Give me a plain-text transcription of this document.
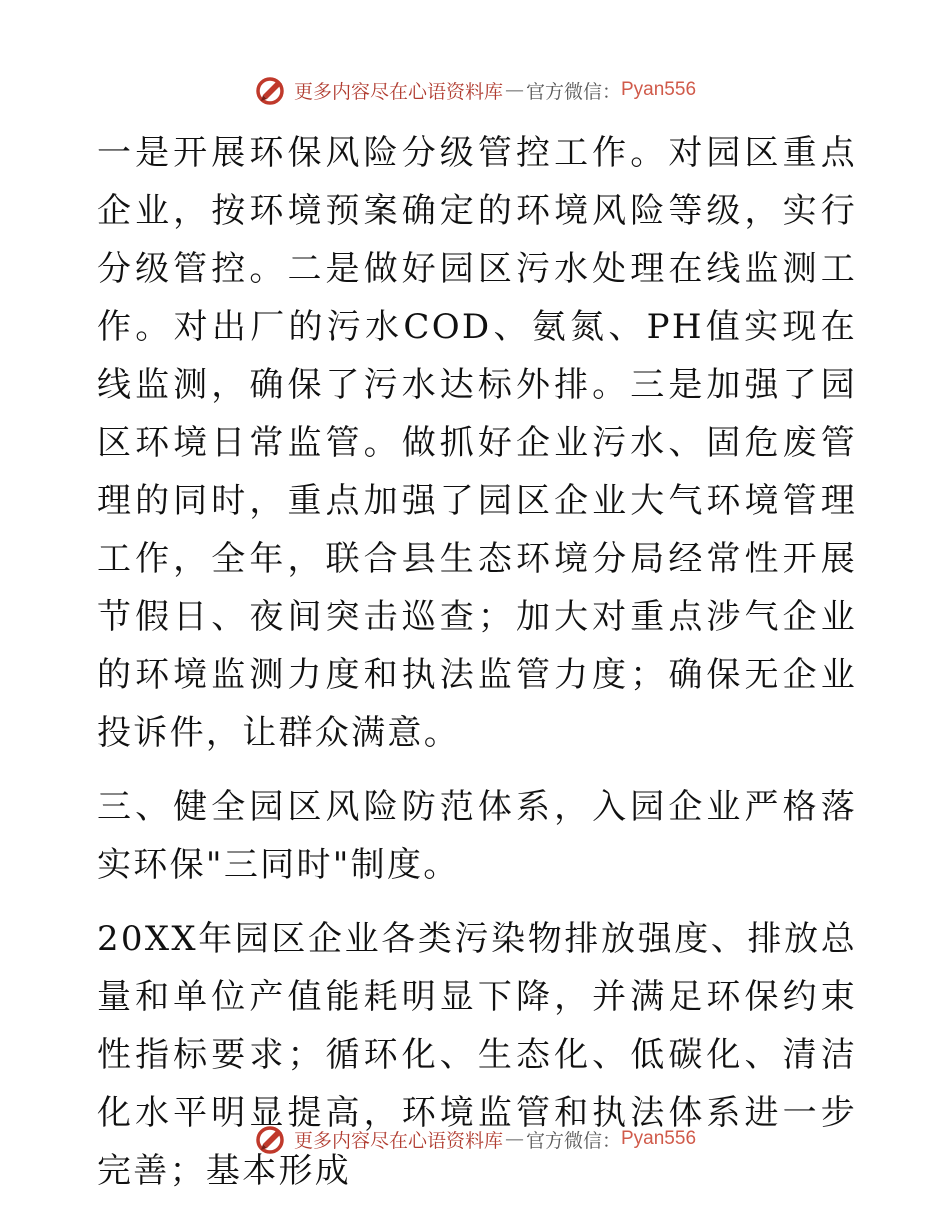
更多内容尽在心语资料库 — 官方微信： Pyan556

一是开展环保风险分级管控工作。对园区重点企业，按环境预案确定的环境风险等级，实行分级管控。二是做好园区污水处理在线监测工作。对出厂的污水COD、氨氮、PH值实现在线监测，确保了污水达标外排。三是加强了园区环境日常监管。做抓好企业污水、固危废管理的同时，重点加强了园区企业大气环境管理工作，全年，联合县生态环境分局经常性开展节假日、夜间突击巡查；加大对重点涉气企业的环境监测力度和执法监管力度；确保无企业投诉件，让群众满意。

三、健全园区风险防范体系，入园企业严格落实环保"三同时"制度。

20XX年园区企业各类污染物排放强度、排放总量和单位产值能耗明显下降，并满足环保约束性指标要求；循环化、生态化、低碳化、清洁化水平明显提高，环境监管和执法体系进一步完善；基本形成

更多内容尽在心语资料库 — 官方微信： Pyan556
